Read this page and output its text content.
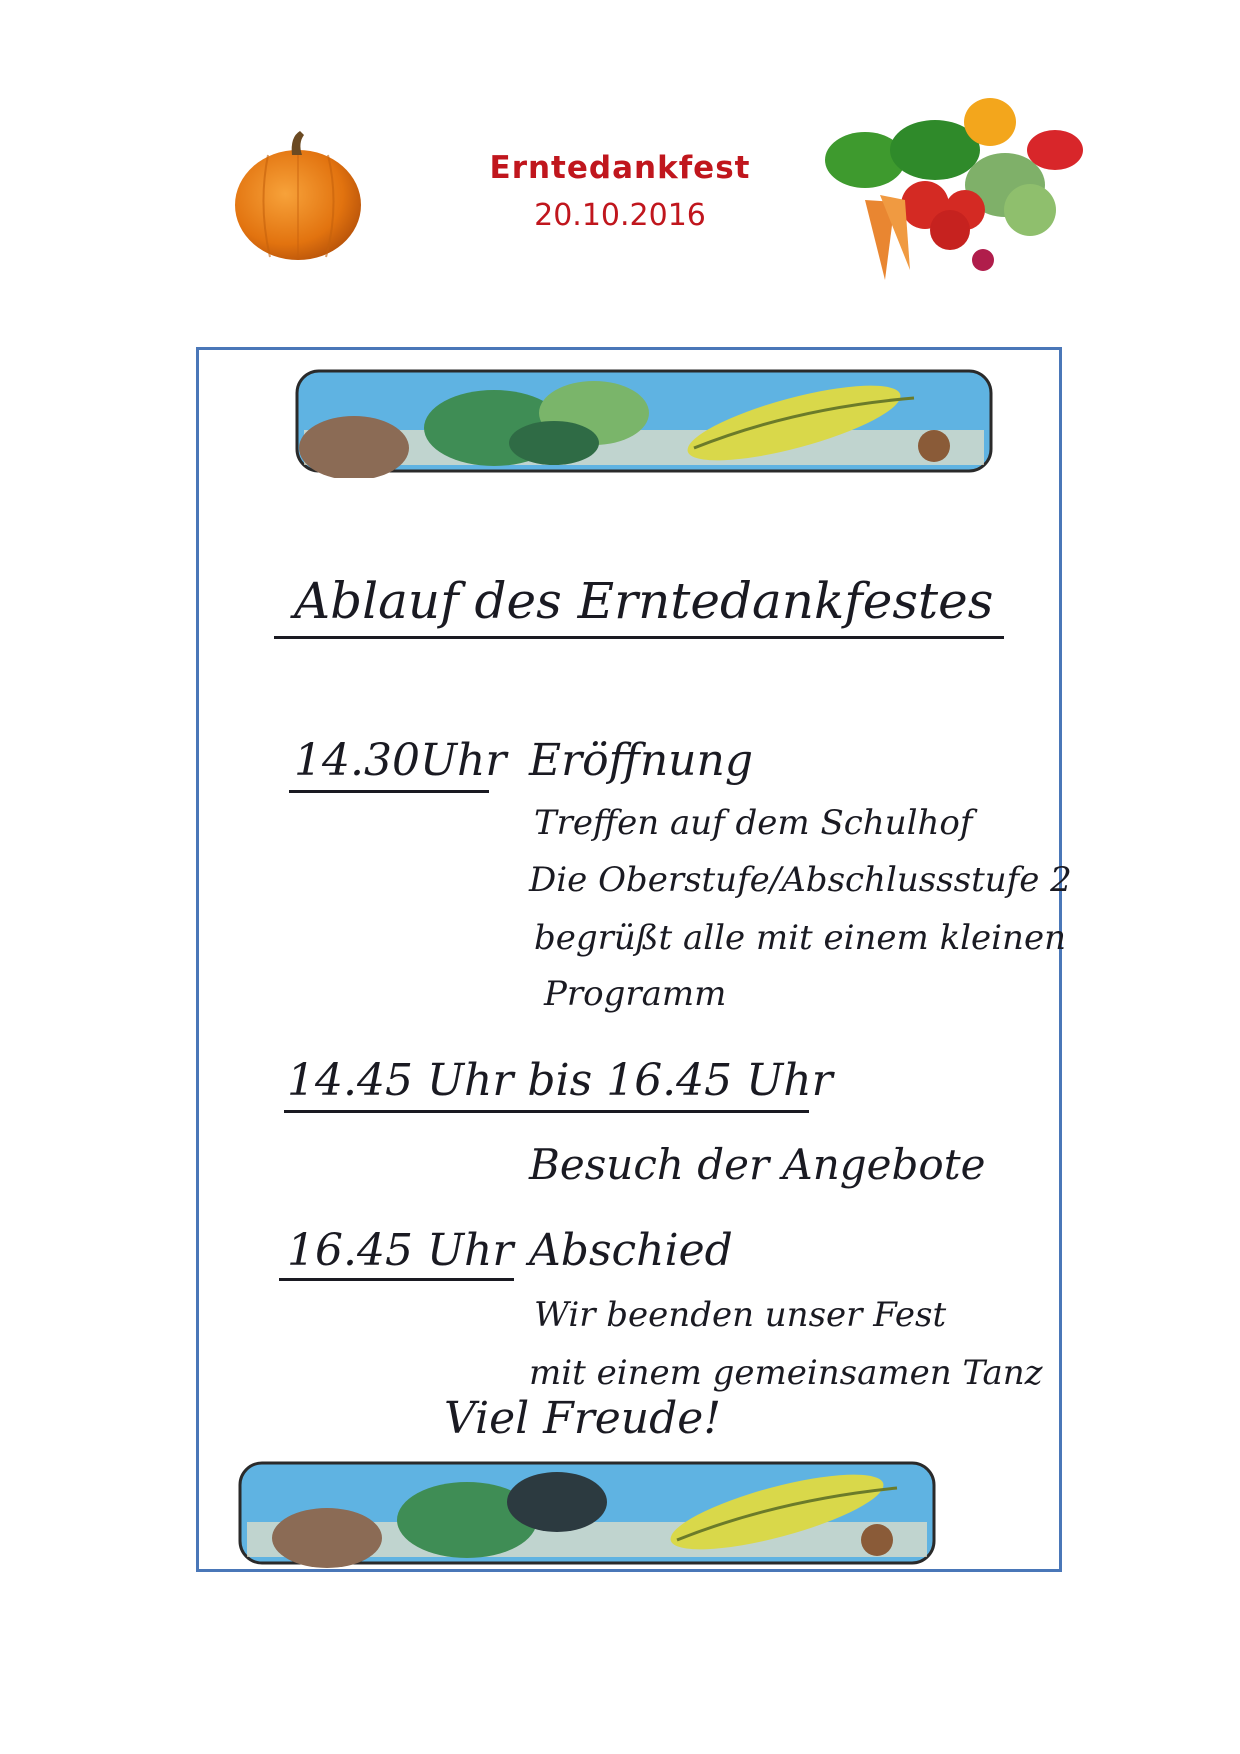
Erntedankfest
20.10.2016
Ablauf des Erntedankfestes
14.30Uhr Eröffnung
Treffen auf dem Schulhof
Die Oberstufe/Abschlussstufe 2
begrüßt alle mit einem kleinen
Programm
14.45 Uhr bis 16.45 Uhr
Besuch der Angebote
16.45 Uhr Abschied
Wir beenden unser Fest
mit einem gemeinsamen Tanz
Viel Freude!
